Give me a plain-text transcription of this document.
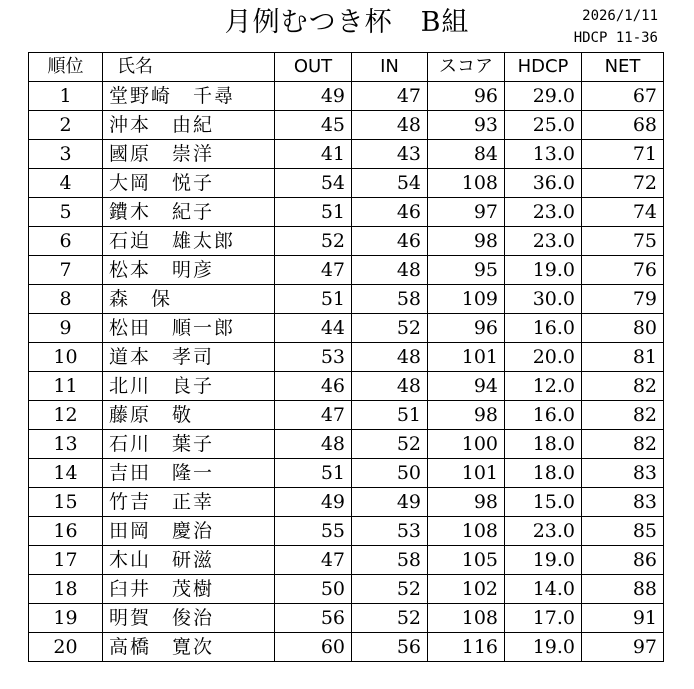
月例むつき杯　B組	2026/1/11
HDCP 11-36
順位	氏名	OUT	IN	スコア	HDCP	NET
1	堂野崎　千尋	49	47	96	29.0	67
2	沖本　由紀	45	48	93	25.0	68
3	國原　崇洋	41	43	84	13.0	71
4	大岡　悦子	54	54	108	36.0	72
5	鐨木　紀子	51	46	97	23.0	74
6	石迫　雄太郎	52	46	98	23.0	75
7	松本　明彦	47	48	95	19.0	76
8	森　保	51	58	109	30.0	79
9	松田　順一郎	44	52	96	16.0	80
10	道本　孝司	53	48	101	20.0	81
11	北川　良子	46	48	94	12.0	82
12	藤原　敬	47	51	98	16.0	82
13	石川　葉子	48	52	100	18.0	82
14	吉田　隆一	51	50	101	18.0	83
15	竹吉　正幸	49	49	98	15.0	83
16	田岡　慶治	55	53	108	23.0	85
17	木山　研滋	47	58	105	19.0	86
18	臼井　茂樹	50	52	102	14.0	88
19	明賀　俊治	56	52	108	17.0	91
20	高橋　寛次	60	56	116	19.0	97
